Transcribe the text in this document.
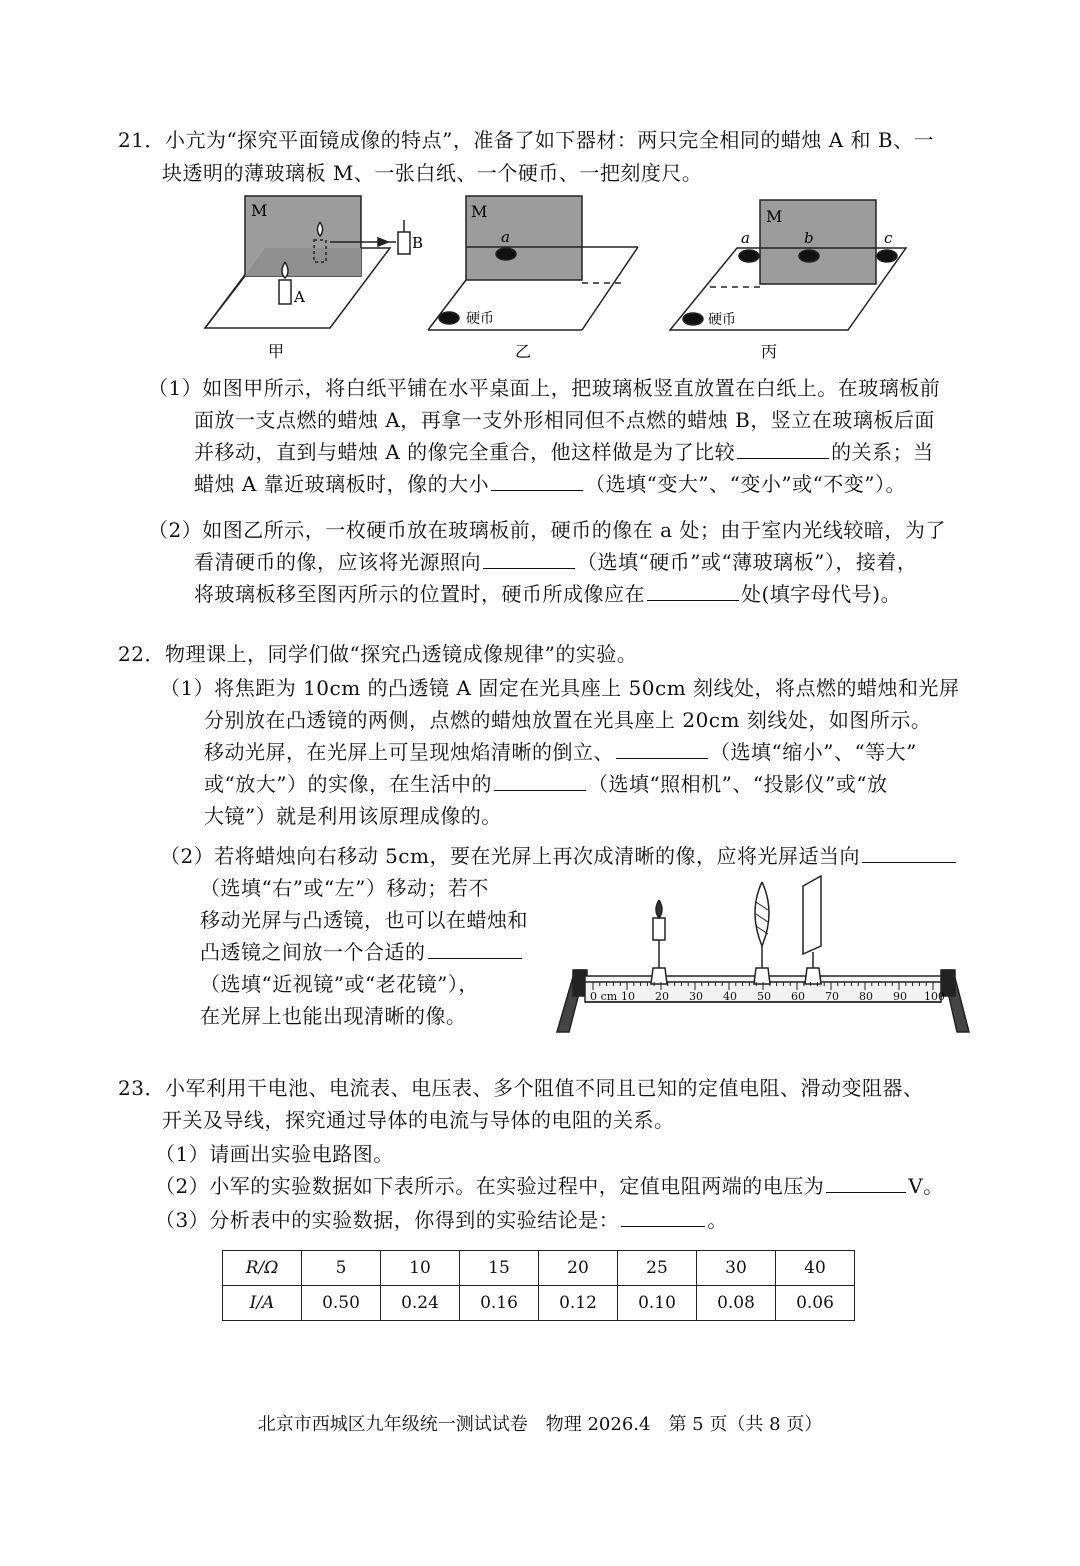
21．小亢为“探究平面镜成像的特点”，准备了如下器材：两只完全相同的蜡烛 A 和 B、一
块透明的薄玻璃板 M、一张白纸、一个硬币、一把刻度尺。
M
A
B
甲
M
a
硬币
乙
M
a	b	c
硬币
丙
（1）如图甲所示，将白纸平铺在水平桌面上，把玻璃板竖直放置在白纸上。在玻璃板前
面放一支点燃的蜡烛 A，再拿一支外形相同但不点燃的蜡烛 B，竖立在玻璃板后面
并移动，直到与蜡烛 A 的像完全重合，他这样做是为了比较	的关系；当
蜡烛 A 靠近玻璃板时，像的大小	（选填“变大”、“变小”或“不变”）。
（2）如图乙所示，一枚硬币放在玻璃板前，硬币的像在 a 处；由于室内光线较暗，为了
看清硬币的像，应该将光源照向	（选填“硬币”或“薄玻璃板”），接着，
将玻璃板移至图丙所示的位置时，硬币所成像应在	处(填字母代号)。
22．物理课上，同学们做“探究凸透镜成像规律”的实验。
（1）将焦距为 10cm 的凸透镜 A 固定在光具座上 50cm 刻线处，将点燃的蜡烛和光屏
分别放在凸透镜的两侧，点燃的蜡烛放置在光具座上 20cm 刻线处，如图所示。
移动光屏，在光屏上可呈现烛焰清晰的倒立、	（选填“缩小”、“等大”
或“放大”）的实像，在生活中的	（选填“照相机”、“投影仪”或“放
大镜”）就是利用该原理成像的。
（2）若将蜡烛向右移动 5cm，要在光屏上再次成清晰的像，应将光屏适当向
（选填“右”或“左”）移动；若不
移动光屏与凸透镜，也可以在蜡烛和
凸透镜之间放一个合适的
（选填“近视镜”或“老花镜”），
在光屏上也能出现清晰的像。
0 cm 10 20 30 40 50 60 70 80 90 100
23．小军利用干电池、电流表、电压表、多个阻值不同且已知的定值电阻、滑动变阻器、
开关及导线，探究通过导体的电流与导体的电阻的关系。
（1）请画出实验电路图。
（2）小军的实验数据如下表所示。在实验过程中，定值电阻两端的电压为	V。
（3）分析表中的实验数据，你得到的实验结论是：	。
R/Ω	5	10	15	20	25	30	40
I/A	0.50	0.24	0.16	0.12	0.10	0.08	0.06
北京市西城区九年级统一测试试卷　物理 2026.4　第 5 页（共 8 页）
